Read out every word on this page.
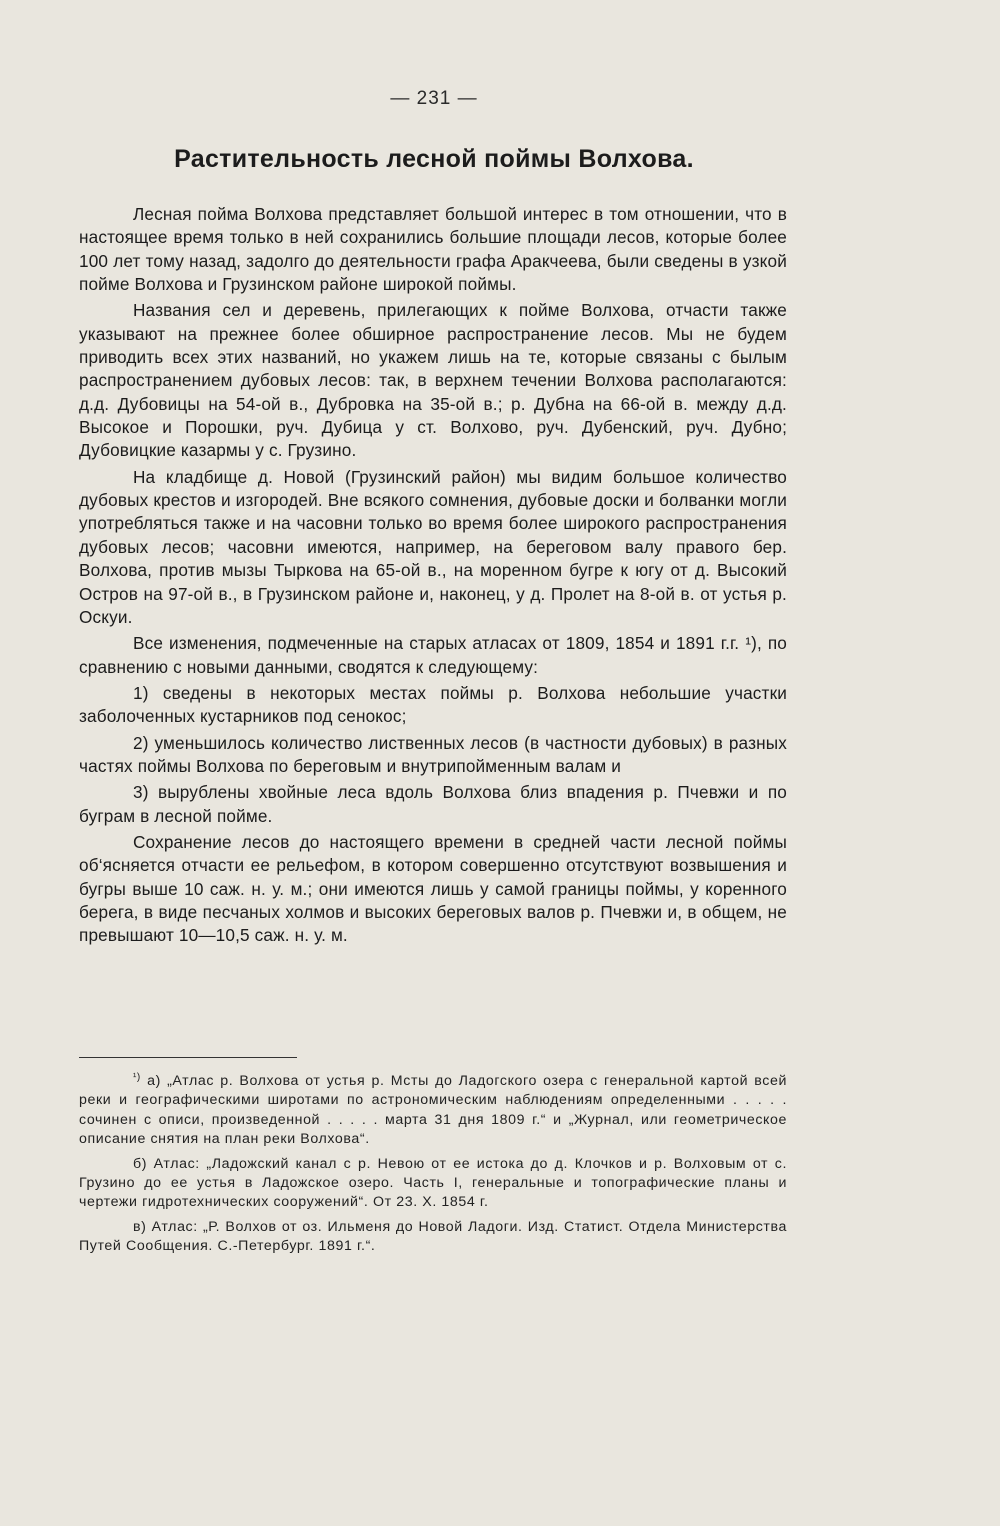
— 231 —
Растительность лесной поймы Волхова.

Лесная пойма Волхова представляет большой интерес в том отношении, что в настоящее время только в ней сохранились большие площади лесов, которые более 100 лет тому назад, задолго до деятельности графа Аракчеева, были сведены в узкой пойме Волхова и Грузинском районе широкой поймы.

Названия сел и деревень, прилегающих к пойме Волхова, отчасти также указывают на прежнее более обширное распространение лесов. Мы не будем приводить всех этих названий, но укажем лишь на те, которые связаны с былым распространением дубовых лесов: так, в верхнем течении Волхова располагаются: д.д. Дубовицы на 54-ой в., Дубровка на 35-ой в.; р. Дубна на 66-ой в. между д.д. Высокое и Порошки, руч. Дубица у ст. Волхово, руч. Дубенский, руч. Дубно; Дубовицкие казармы у с. Грузино.

На кладбище д. Новой (Грузинский район) мы видим большое количество дубовых крестов и изгородей. Вне всякого сомнения, дубовые доски и болванки могли употребляться также и на часовни только во время более широкого распространения дубовых лесов; часовни имеются, например, на береговом валу правого бер. Волхова, против мызы Тыркова на 65-ой в., на моренном бугре к югу от д. Высокий Остров на 97-ой в., в Грузинском районе и, наконец, у д. Пролет на 8-ой в. от устья р. Оскуи.

Все изменения, подмеченные на старых атласах от 1809, 1854 и 1891 г.г. ¹), по сравнению с новыми данными, сводятся к следующему:

1) сведены в некоторых местах поймы р. Волхова небольшие участки заболоченных кустарников под сенокос;

2) уменьшилось количество лиственных лесов (в частности дубовых) в разных частях поймы Волхова по береговым и внутрипойменным валам и

3) вырублены хвойные леса вдоль Волхова близ впадения р. Пчевжи и по буграм в лесной пойме.

Сохранение лесов до настоящего времени в средней части лесной поймы об‘ясняется отчасти ее рельефом, в котором совершенно отсутствуют возвышения и бугры выше 10 саж. н. у. м.; они имеются лишь у самой границы поймы, у коренного берега, в виде песчаных холмов и высоких береговых валов р. Пчевжи и, в общем, не превышают 10—10,5 саж. н. у. м.

$^{^1)}$ а) „Атлас р. Волхова от устья р. Мсты до Ладогского озера с генеральной картой всей реки и географическими широтами по астрономическим наблюдениям определенными . . . . . сочинен с описи, произведенной . . . . . марта 31 дня 1809 г.“ и „Журнал, или геометрическое описание снятия на план реки Волхова“.

б) Атлас: „Ладожский канал с р. Невою от ее истока до д. Клочков и р. Волховым от с. Грузино до ее устья в Ладожское озеро. Часть I, генеральные и топографические планы и чертежи гидротехнических сооружений“. От 23. X. 1854 г.

в) Атлас: „Р. Волхов от оз. Ильменя до Новой Ладоги. Изд. Статист. Отдела Министерства Путей Сообщения. С.-Петербург. 1891 г.“.
